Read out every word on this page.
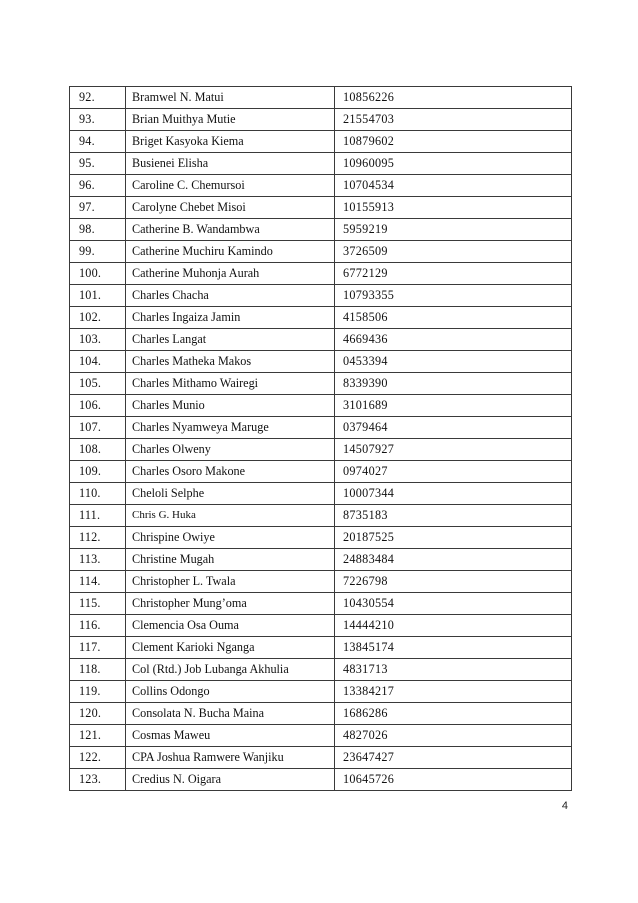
92.	Bramwel N. Matui	10856226
93.	Brian Muithya Mutie	21554703
94.	Briget Kasyoka Kiema	10879602
95.	Busienei Elisha	10960095
96.	Caroline C. Chemursoi	10704534
97.	Carolyne Chebet Misoi	10155913
98.	Catherine B. Wandambwa	5959219
99.	Catherine Muchiru Kamindo	3726509
100.	Catherine Muhonja Aurah	6772129
101.	Charles Chacha	10793355
102.	Charles Ingaiza Jamin	4158506
103.	Charles Langat	4669436
104.	Charles Matheka Makos	0453394
105.	Charles Mithamo Wairegi	8339390
106.	Charles Munio	3101689
107.	Charles Nyamweya Maruge	0379464
108.	Charles Olweny	14507927
109.	Charles Osoro Makone	0974027
110.	Cheloli Selphe	10007344
111.	Chris G. Huka	8735183
112.	Chrispine Owiye	20187525
113.	Christine Mugah	24883484
114.	Christopher L. Twala	7226798
115.	Christopher Mung’oma	10430554
116.	Clemencia Osa Ouma	14444210
117.	Clement Karioki Nganga	13845174
118.	Col (Rtd.) Job Lubanga Akhulia	4831713
119.	Collins Odongo	13384217
120.	Consolata N. Bucha Maina	1686286
121.	Cosmas Maweu	4827026
122.	CPA Joshua Ramwere Wanjiku	23647427
123.	Credius N. Oigara	10645726
4
